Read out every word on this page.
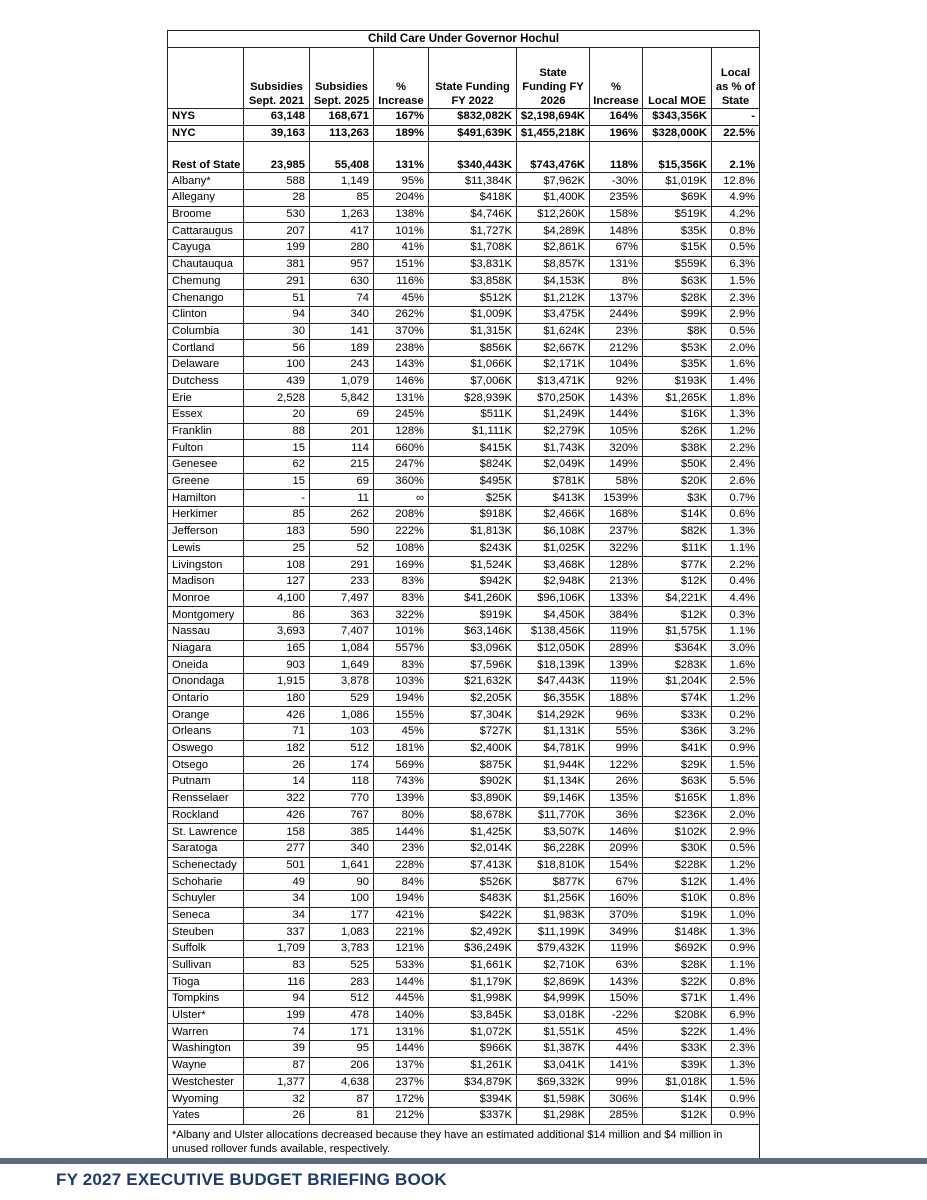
Child Care Under Governor Hochul								
	Subsidies Sept. 2021	Subsidies Sept. 2025	% Increase	State Funding FY 2022	State Funding FY 2026	% Increase	Local MOE	Local as % of State
NYS	63,148	168,671	167%	$832,082K	$2,198,694K	164%	$343,356K	-
NYC	39,163	113,263	189%	$491,639K	$1,455,218K	196%	$328,000K	22.5%
Rest of State	23,985	55,408	131%	$340,443K	$743,476K	118%	$15,356K	2.1%
Albany*	588	1,149	95%	$11,384K	$7,962K	-30%	$1,019K	12.8%
Allegany	28	85	204%	$418K	$1,400K	235%	$69K	4.9%
Broome	530	1,263	138%	$4,746K	$12,260K	158%	$519K	4.2%
Cattaraugus	207	417	101%	$1,727K	$4,289K	148%	$35K	0.8%
Cayuga	199	280	41%	$1,708K	$2,861K	67%	$15K	0.5%
Chautauqua	381	957	151%	$3,831K	$8,857K	131%	$559K	6.3%
Chemung	291	630	116%	$3,858K	$4,153K	8%	$63K	1.5%
Chenango	51	74	45%	$512K	$1,212K	137%	$28K	2.3%
Clinton	94	340	262%	$1,009K	$3,475K	244%	$99K	2.9%
Columbia	30	141	370%	$1,315K	$1,624K	23%	$8K	0.5%
Cortland	56	189	238%	$856K	$2,667K	212%	$53K	2.0%
Delaware	100	243	143%	$1,066K	$2,171K	104%	$35K	1.6%
Dutchess	439	1,079	146%	$7,006K	$13,471K	92%	$193K	1.4%
Erie	2,528	5,842	131%	$28,939K	$70,250K	143%	$1,265K	1.8%
Essex	20	69	245%	$511K	$1,249K	144%	$16K	1.3%
Franklin	88	201	128%	$1,111K	$2,279K	105%	$26K	1.2%
Fulton	15	114	660%	$415K	$1,743K	320%	$38K	2.2%
Genesee	62	215	247%	$824K	$2,049K	149%	$50K	2.4%
Greene	15	69	360%	$495K	$781K	58%	$20K	2.6%
Hamilton	-	11	∞	$25K	$413K	1539%	$3K	0.7%
Herkimer	85	262	208%	$918K	$2,466K	168%	$14K	0.6%
Jefferson	183	590	222%	$1,813K	$6,108K	237%	$82K	1.3%
Lewis	25	52	108%	$243K	$1,025K	322%	$11K	1.1%
Livingston	108	291	169%	$1,524K	$3,468K	128%	$77K	2.2%
Madison	127	233	83%	$942K	$2,948K	213%	$12K	0.4%
Monroe	4,100	7,497	83%	$41,260K	$96,106K	133%	$4,221K	4.4%
Montgomery	86	363	322%	$919K	$4,450K	384%	$12K	0.3%
Nassau	3,693	7,407	101%	$63,146K	$138,456K	119%	$1,575K	1.1%
Niagara	165	1,084	557%	$3,096K	$12,050K	289%	$364K	3.0%
Oneida	903	1,649	83%	$7,596K	$18,139K	139%	$283K	1.6%
Onondaga	1,915	3,878	103%	$21,632K	$47,443K	119%	$1,204K	2.5%
Ontario	180	529	194%	$2,205K	$6,355K	188%	$74K	1.2%
Orange	426	1,086	155%	$7,304K	$14,292K	96%	$33K	0.2%
Orleans	71	103	45%	$727K	$1,131K	55%	$36K	3.2%
Oswego	182	512	181%	$2,400K	$4,781K	99%	$41K	0.9%
Otsego	26	174	569%	$875K	$1,944K	122%	$29K	1.5%
Putnam	14	118	743%	$902K	$1,134K	26%	$63K	5.5%
Rensselaer	322	770	139%	$3,890K	$9,146K	135%	$165K	1.8%
Rockland	426	767	80%	$8,678K	$11,770K	36%	$236K	2.0%
St. Lawrence	158	385	144%	$1,425K	$3,507K	146%	$102K	2.9%
Saratoga	277	340	23%	$2,014K	$6,228K	209%	$30K	0.5%
Schenectady	501	1,641	228%	$7,413K	$18,810K	154%	$228K	1.2%
Schoharie	49	90	84%	$526K	$877K	67%	$12K	1.4%
Schuyler	34	100	194%	$483K	$1,256K	160%	$10K	0.8%
Seneca	34	177	421%	$422K	$1,983K	370%	$19K	1.0%
Steuben	337	1,083	221%	$2,492K	$11,199K	349%	$148K	1.3%
Suffolk	1,709	3,783	121%	$36,249K	$79,432K	119%	$692K	0.9%
Sullivan	83	525	533%	$1,661K	$2,710K	63%	$28K	1.1%
Tioga	116	283	144%	$1,179K	$2,869K	143%	$22K	0.8%
Tompkins	94	512	445%	$1,998K	$4,999K	150%	$71K	1.4%
Ulster*	199	478	140%	$3,845K	$3,018K	-22%	$208K	6.9%
Warren	74	171	131%	$1,072K	$1,551K	45%	$22K	1.4%
Washington	39	95	144%	$966K	$1,387K	44%	$33K	2.3%
Wayne	87	206	137%	$1,261K	$3,041K	141%	$39K	1.3%
Westchester	1,377	4,638	237%	$34,879K	$69,332K	99%	$1,018K	1.5%
Wyoming	32	87	172%	$394K	$1,598K	306%	$14K	0.9%
Yates	26	81	212%	$337K	$1,298K	285%	$12K	0.9%
*Albany and Ulster allocations decreased because they have an estimated additional $14 million and $4 million in unused rollover funds available, respectively.								
FY 2027 EXECUTIVE BUDGET BRIEFING BOOK
